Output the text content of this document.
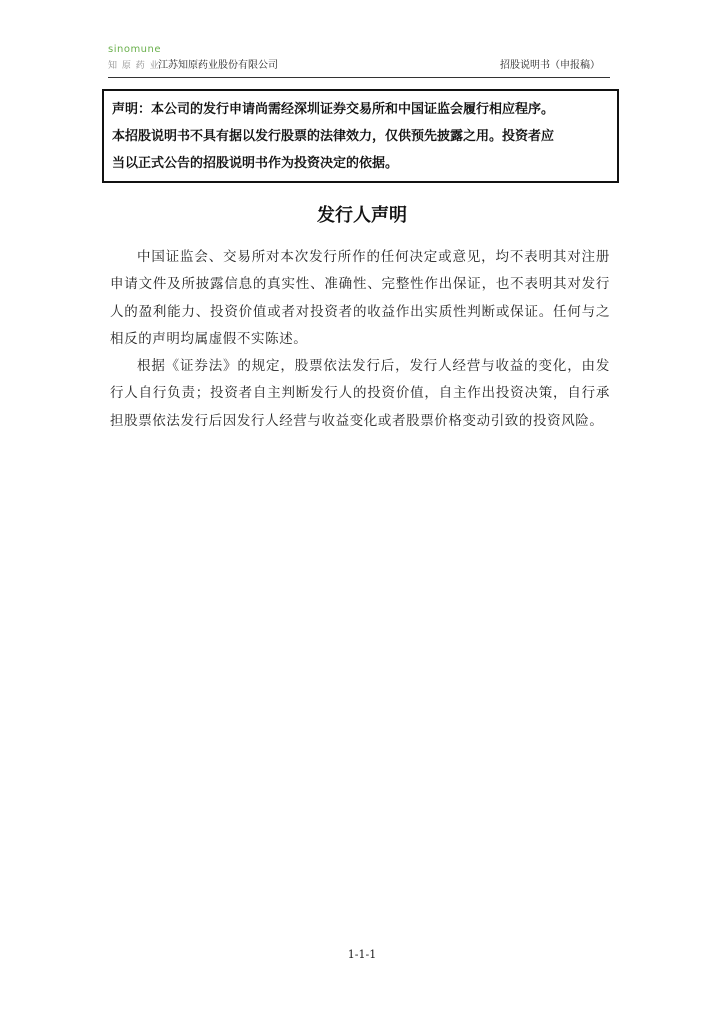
sinomune
知 原 药 业
江苏知原药业股份有限公司	招股说明书（申报稿）
声明：本公司的发行申请尚需经深圳证券交易所和中国证监会履行相应程序。
本招股说明书不具有据以发行股票的法律效力，仅供预先披露之用。投资者应
当以正式公告的招股说明书作为投资决定的依据。
发行人声明

中国证监会、交易所对本次发行所作的任何决定或意见，均不表明其对注册申请文件及所披露信息的真实性、准确性、完整性作出保证，也不表明其对发行人的盈利能力、投资价值或者对投资者的收益作出实质性判断或保证。任何与之相反的声明均属虚假不实陈述。

根据《证券法》的规定，股票依法发行后，发行人经营与收益的变化，由发行人自行负责；投资者自主判断发行人的投资价值，自主作出投资决策，自行承担股票依法发行后因发行人经营与收益变化或者股票价格变动引致的投资风险。

1-1-1
